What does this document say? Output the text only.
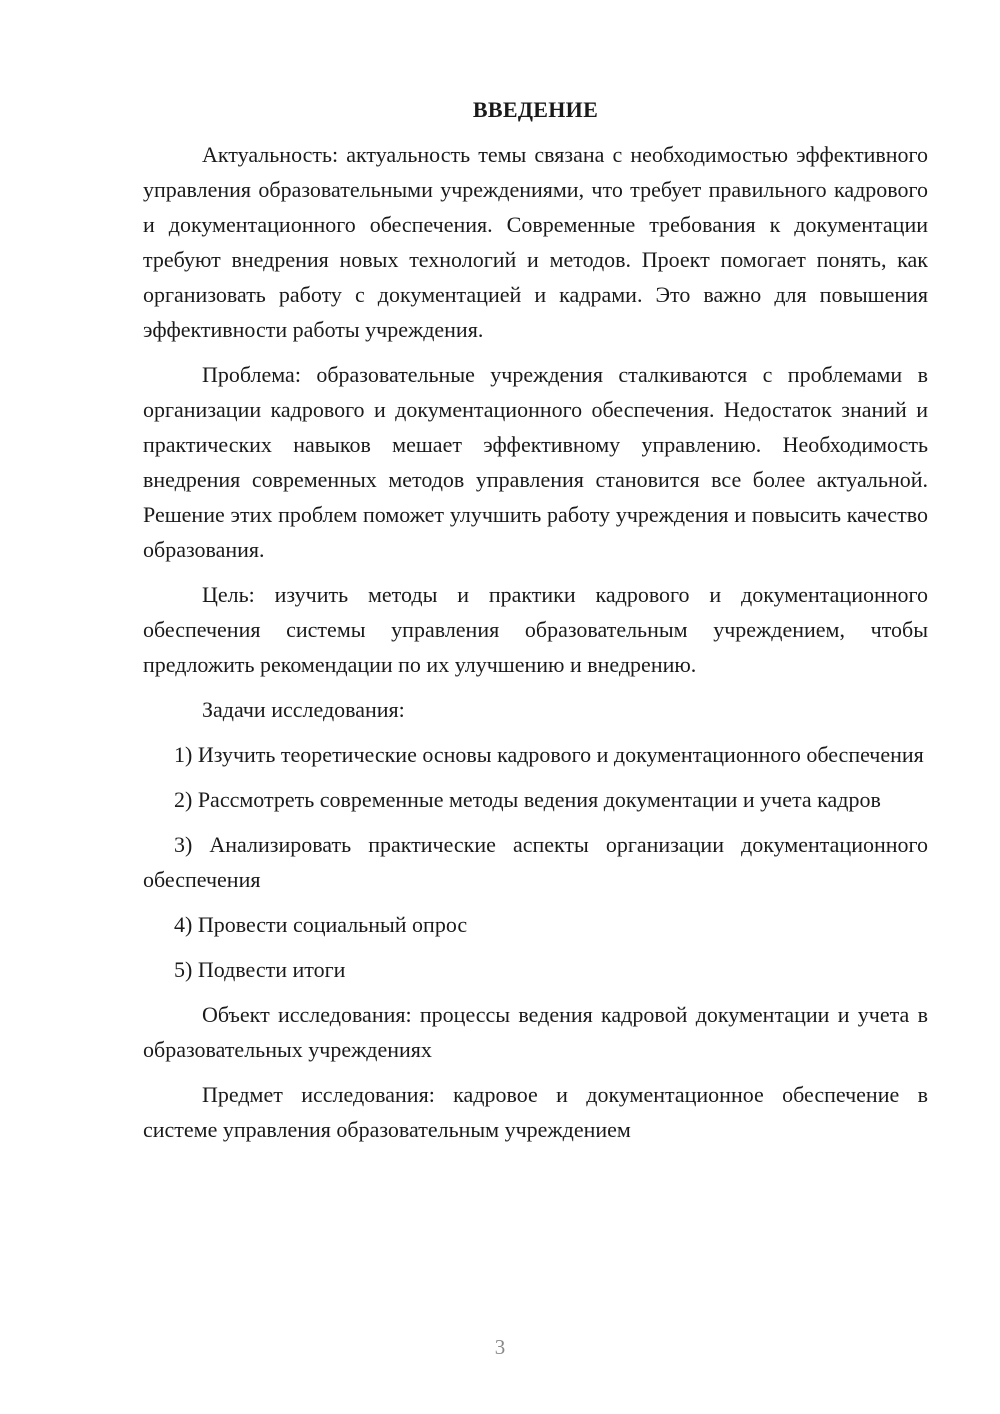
ВВЕДЕНИЕ

Актуальность: актуальность темы связана с необходимостью эффективного управления образовательными учреждениями, что требует правильного кадрового и документационного обеспечения. Современные требования к документации требуют внедрения новых технологий и методов. Проект помогает понять, как организовать работу с документацией и кадрами. Это важно для повышения эффективности работы учреждения.

Проблема: образовательные учреждения сталкиваются с проблемами в организации кадрового и документационного обеспечения. Недостаток знаний и практических навыков мешает эффективному управлению. Необходимость внедрения современных методов управления становится все более актуальной. Решение этих проблем поможет улучшить работу учреждения и повысить качество образования.

Цель: изучить методы и практики кадрового и документационного обеспечения системы управления образовательным учреждением, чтобы предложить рекомендации по их улучшению и внедрению.

Задачи исследования:

1) Изучить теоретические основы кадрового и документационного обеспечения

2) Рассмотреть современные методы ведения документации и учета кадров

3) Анализировать практические аспекты организации документационного обеспечения

4) Провести социальный опрос

5) Подвести итоги

Объект исследования: процессы ведения кадровой документации и учета в образовательных учреждениях

Предмет исследования: кадровое и документационное обеспечение в системе управления образовательным учреждением

3
